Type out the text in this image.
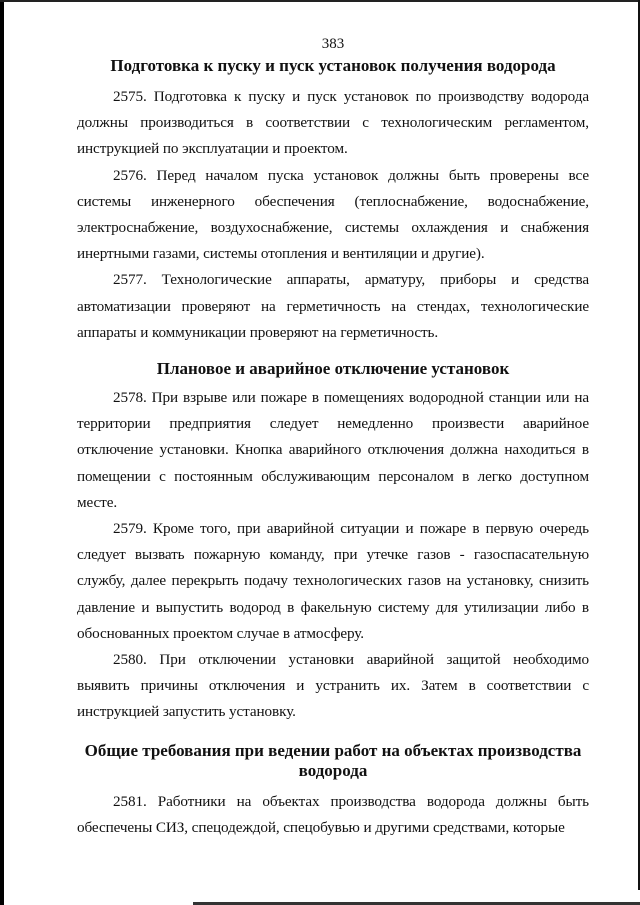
383
Подготовка к пуску и пуск установок получения водорода

2575. Подготовка к пуску и пуск установок по производству водорода должны производиться в соответствии с технологическим регламентом, инструкцией по эксплуатации и проектом.

2576. Перед началом пуска установок должны быть проверены все системы инженерного обеспечения (теплоснабжение, водоснабжение, электроснабжение, воздухоснабжение, системы охлаждения и снабжения инертными газами, системы отопления и вентиляции и другие).

2577. Технологические аппараты, арматуру, приборы и средства автоматизации проверяют на герметичность на стендах, технологические аппараты и коммуникации проверяют на герметичность.

Плановое и аварийное отключение установок

2578. При взрыве или пожаре в помещениях водородной станции или на территории предприятия следует немедленно произвести аварийное отключение установки. Кнопка аварийного отключения должна находиться в помещении с постоянным обслуживающим персоналом в легко доступном месте.

2579. Кроме того, при аварийной ситуации и пожаре в первую очередь следует вызвать пожарную команду, при утечке газов - газоспасательную службу, далее перекрыть подачу технологических газов на установку, снизить давление и выпустить водород в факельную систему для утилизации либо в обоснованных проектом случае в атмосферу.

2580. При отключении установки аварийной защитой необходимо выявить причины отключения и устранить их. Затем в соответствии с инструкцией запустить установку.

Общие требования при ведении работ на объектах производства водорода

2581. Работники на объектах производства водорода должны быть обеспечены СИЗ, спецодеждой, спецобувью и другими средствами, которые
